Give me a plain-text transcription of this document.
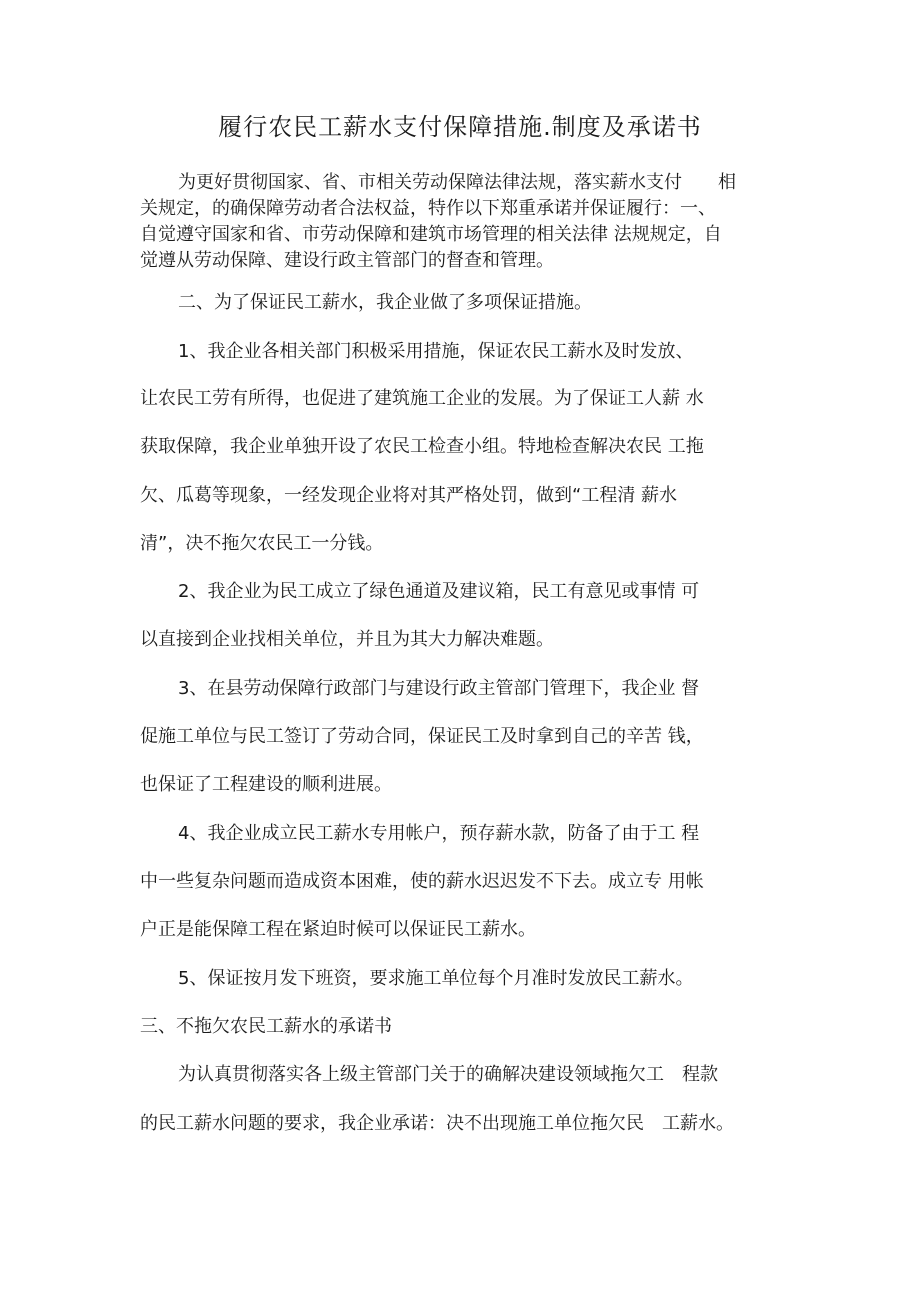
履行农民工薪水支付保障措施.制度及承诺书
为更好贯彻国家、省、市相关劳动保障法律法规，落实薪水支付　　相
关规定，的确保障劳动者合法权益，特作以下郑重承诺并保证履行：一、
自觉遵守国家和省、市劳动保障和建筑市场管理的相关法律 法规规定，自
觉遵从劳动保障、建设行政主管部门的督查和管理。
二、为了保证民工薪水，我企业做了多项保证措施。
1、我企业各相关部门积极采用措施，保证农民工薪水及时发放、
让农民工劳有所得，也促进了建筑施工企业的发展。为了保证工人薪 水
获取保障，我企业单独开设了农民工检查小组。特地检查解决农民 工拖
欠、瓜葛等现象，一经发现企业将对其严格处罚，做到“工程清 薪水
清”，决不拖欠农民工一分钱。
2、我企业为民工成立了绿色通道及建议箱，民工有意见或事情 可
以直接到企业找相关单位，并且为其大力解决难题。
3、在县劳动保障行政部门与建设行政主管部门管理下，我企业 督
促施工单位与民工签订了劳动合同，保证民工及时拿到自己的辛苦 钱，
也保证了工程建设的顺利进展。
4、我企业成立民工薪水专用帐户，预存薪水款，防备了由于工 程
中一些复杂问题而造成资本困难，使的薪水迟迟发不下去。成立专 用帐
户正是能保障工程在紧迫时候可以保证民工薪水。
5、保证按月发下班资，要求施工单位每个月准时发放民工薪水。
三、不拖欠农民工薪水的承诺书
为认真贯彻落实各上级主管部门关于的确解决建设领域拖欠工　程款
的民工薪水问题的要求，我企业承诺：决不出现施工单位拖欠民　工薪水。
